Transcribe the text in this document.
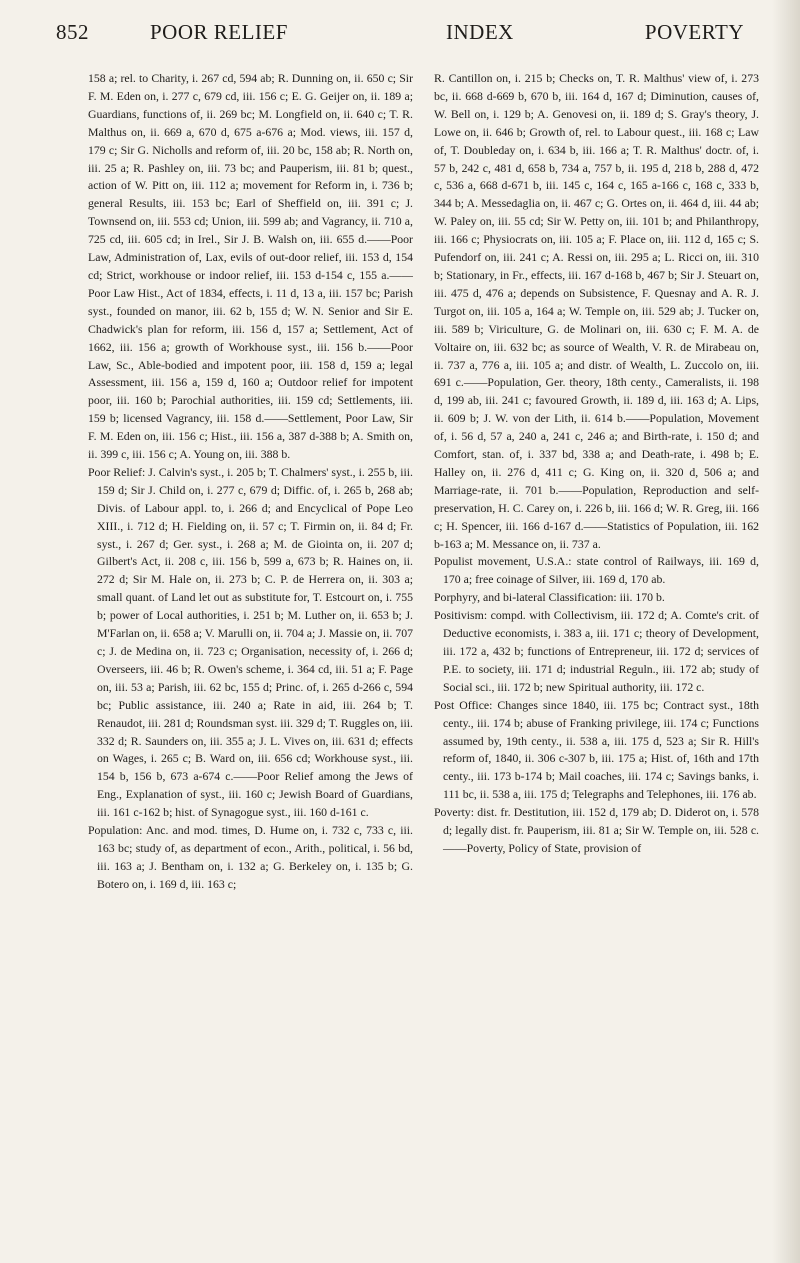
852	POOR RELIEF	INDEX	POVERTY

158 a; rel. to Charity, i. 267 cd, 594 ab; R. Dunning on, ii. 650 c; Sir F. M. Eden on, i. 277 c, 679 cd, iii. 156 c; E. G. Geijer on, ii. 189 a; Guardians, functions of, ii. 269 bc; M. Longfield on, ii. 640 c; T. R. Malthus on, ii. 669 a, 670 d, 675 a-676 a; Mod. views, iii. 157 d, 179 c; Sir G. Nicholls and reform of, iii. 20 bc, 158 ab; R. North on, iii. 25 a; R. Pashley on, iii. 73 bc; and Pauperism, iii. 81 b; quest., action of W. Pitt on, iii. 112 a; movement for Reform in, i. 736 b; general Results, iii. 153 bc; Earl of Sheffield on, iii. 391 c; J. Townsend on, iii. 553 cd; Union, iii. 599 ab; and Vagrancy, ii. 710 a, 725 cd, iii. 605 cd; in Irel., Sir J. B. Walsh on, iii. 655 d.——Poor Law, Administration of, Lax, evils of out-door relief, iii. 153 d, 154 cd; Strict, workhouse or indoor relief, iii. 153 d-154 c, 155 a.——Poor Law Hist., Act of 1834, effects, i. 11 d, 13 a, iii. 157 bc; Parish syst., founded on manor, iii. 62 b, 155 d; W. N. Senior and Sir E. Chadwick's plan for reform, iii. 156 d, 157 a; Settlement, Act of 1662, iii. 156 a; growth of Workhouse syst., iii. 156 b.——Poor Law, Sc., Able-bodied and impotent poor, iii. 158 d, 159 a; legal Assessment, iii. 156 a, 159 d, 160 a; Outdoor relief for impotent poor, iii. 160 b; Parochial authorities, iii. 159 cd; Settlements, iii. 159 b; licensed Vagrancy, iii. 158 d.——Settlement, Poor Law, Sir F. M. Eden on, iii. 156 c; Hist., iii. 156 a, 387 d-388 b; A. Smith on, ii. 399 c, iii. 156 c; A. Young on, iii. 388 b.

Poor Relief: J. Calvin's syst., i. 205 b; T. Chalmers' syst., i. 255 b, iii. 159 d; Sir J. Child on, i. 277 c, 679 d; Diffic. of, i. 265 b, 268 ab; Divis. of Labour appl. to, i. 266 d; and Encyclical of Pope Leo XIII., i. 712 d; H. Fielding on, ii. 57 c; T. Firmin on, ii. 84 d; Fr. syst., i. 267 d; Ger. syst., i. 268 a; M. de Giointa on, ii. 207 d; Gilbert's Act, ii. 208 c, iii. 156 b, 599 a, 673 b; R. Haines on, ii. 272 d; Sir M. Hale on, ii. 273 b; C. P. de Herrera on, ii. 303 a; small quant. of Land let out as substitute for, T. Estcourt on, i. 755 b; power of Local authorities, i. 251 b; M. Luther on, ii. 653 b; J. M'Farlan on, ii. 658 a; V. Marulli on, ii. 704 a; J. Massie on, ii. 707 c; J. de Medina on, ii. 723 c; Organisation, necessity of, i. 266 d; Overseers, iii. 46 b; R. Owen's scheme, i. 364 cd, iii. 51 a; F. Page on, iii. 53 a; Parish, iii. 62 bc, 155 d; Princ. of, i. 265 d-266 c, 594 bc; Public assistance, iii. 240 a; Rate in aid, iii. 264 b; T. Renaudot, iii. 281 d; Roundsman syst. iii. 329 d; T. Ruggles on, iii. 332 d; R. Saunders on, iii. 355 a; J. L. Vives on, iii. 631 d; effects on Wages, i. 265 c; B. Ward on, iii. 656 cd; Workhouse syst., iii. 154 b, 156 b, 673 a-674 c.——Poor Relief among the Jews of Eng., Explanation of syst., iii. 160 c; Jewish Board of Guardians, iii. 161 c-162 b; hist. of Synagogue syst., iii. 160 d-161 c.

Population: Anc. and mod. times, D. Hume on, i. 732 c, 733 c, iii. 163 bc; study of, as department of econ., Arith., political, i. 56 bd, iii. 163 a; J. Bentham on, i. 132 a; G. Berkeley on, i. 135 b; G. Botero on, i. 169 d, iii. 163 c;

R. Cantillon on, i. 215 b; Checks on, T. R. Malthus' view of, i. 273 bc, ii. 668 d-669 b, 670 b, iii. 164 d, 167 d; Diminution, causes of, W. Bell on, i. 129 b; A. Genovesi on, ii. 189 d; S. Gray's theory, J. Lowe on, ii. 646 b; Growth of, rel. to Labour quest., iii. 168 c; Law of, T. Doubleday on, i. 634 b, iii. 166 a; T. R. Malthus' doctr. of, i. 57 b, 242 c, 481 d, 658 b, 734 a, 757 b, ii. 195 d, 218 b, 288 d, 472 c, 536 a, 668 d-671 b, iii. 145 c, 164 c, 165 a-166 c, 168 c, 333 b, 344 b; A. Messedaglia on, ii. 467 c; G. Ortes on, ii. 464 d, iii. 44 ab; W. Paley on, iii. 55 cd; Sir W. Petty on, iii. 101 b; and Philanthropy, iii. 166 c; Physiocrats on, iii. 105 a; F. Place on, iii. 112 d, 165 c; S. Pufendorf on, iii. 241 c; A. Ressi on, iii. 295 a; L. Ricci on, iii. 310 b; Stationary, in Fr., effects, iii. 167 d-168 b, 467 b; Sir J. Steuart on, iii. 475 d, 476 a; depends on Subsistence, F. Quesnay and A. R. J. Turgot on, iii. 105 a, 164 a; W. Temple on, iii. 529 ab; J. Tucker on, iii. 589 b; Viriculture, G. de Molinari on, iii. 630 c; F. M. A. de Voltaire on, iii. 632 bc; as source of Wealth, V. R. de Mirabeau on, ii. 737 a, 776 a, iii. 105 a; and distr. of Wealth, L. Zuccolo on, iii. 691 c.——Population, Ger. theory, 18th centy., Cameralists, ii. 198 d, 199 ab, iii. 241 c; favoured Growth, ii. 189 d, iii. 163 d; A. Lips, ii. 609 b; J. W. von der Lith, ii. 614 b.——Population, Movement of, i. 56 d, 57 a, 240 a, 241 c, 246 a; and Birth-rate, i. 150 d; and Comfort, stan. of, i. 337 bd, 338 a; and Death-rate, i. 498 b; E. Halley on, ii. 276 d, 411 c; G. King on, ii. 320 d, 506 a; and Marriage-rate, ii. 701 b.——Population, Reproduction and self-preservation, H. C. Carey on, i. 226 b, iii. 166 d; W. R. Greg, iii. 166 c; H. Spencer, iii. 166 d-167 d.——Statistics of Population, iii. 162 b-163 a; M. Messance on, ii. 737 a.

Populist movement, U.S.A.: state control of Railways, iii. 169 d, 170 a; free coinage of Silver, iii. 169 d, 170 ab.

Porphyry, and bi-lateral Classification: iii. 170 b.

Positivism: compd. with Collectivism, iii. 172 d; A. Comte's crit. of Deductive economists, i. 383 a, iii. 171 c; theory of Development, iii. 172 a, 432 b; functions of Entrepreneur, iii. 172 d; services of P.E. to society, iii. 171 d; industrial Reguln., iii. 172 ab; study of Social sci., iii. 172 b; new Spiritual authority, iii. 172 c.

Post Office: Changes since 1840, iii. 175 bc; Contract syst., 18th centy., iii. 174 b; abuse of Franking privilege, iii. 174 c; Functions assumed by, 19th centy., ii. 538 a, iii. 175 d, 523 a; Sir R. Hill's reform of, 1840, ii. 306 c-307 b, iii. 175 a; Hist. of, 16th and 17th centy., iii. 173 b-174 b; Mail coaches, iii. 174 c; Savings banks, i. 111 bc, ii. 538 a, iii. 175 d; Telegraphs and Telephones, iii. 176 ab.

Poverty: dist. fr. Destitution, iii. 152 d, 179 ab; D. Diderot on, i. 578 d; legally dist. fr. Pauperism, iii. 81 a; Sir W. Temple on, iii. 528 c.——Poverty, Policy of State, provision of
